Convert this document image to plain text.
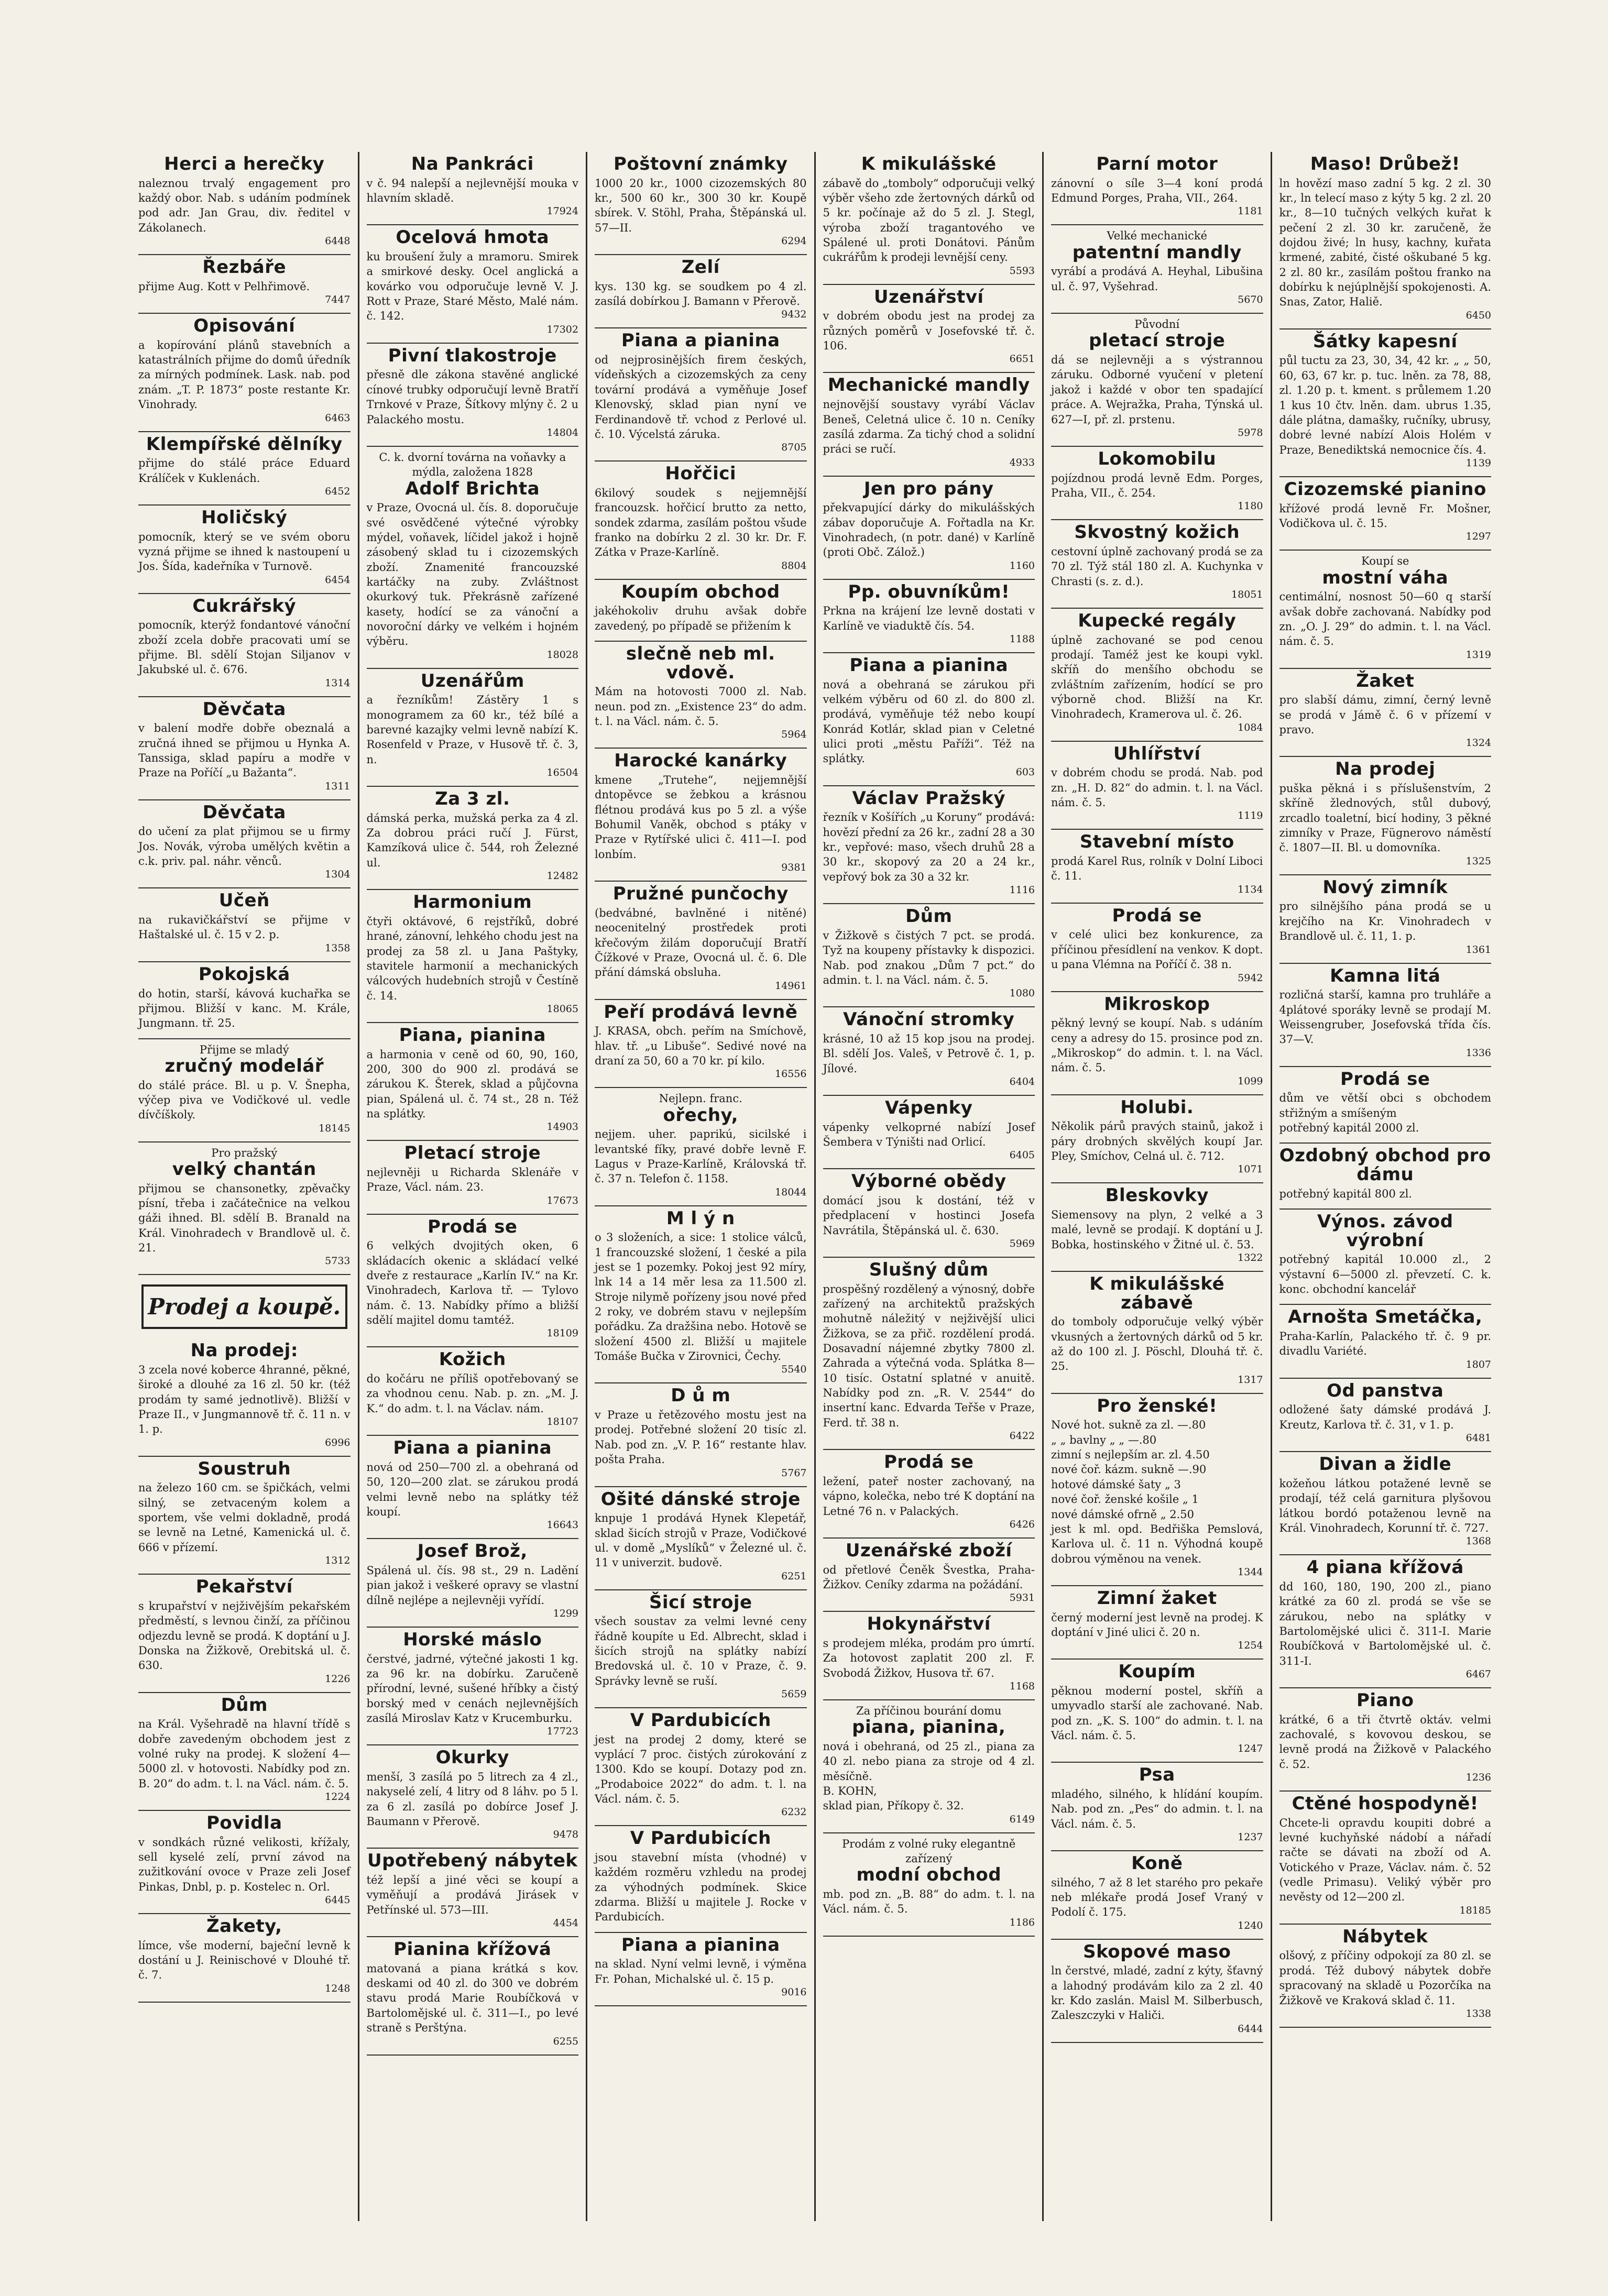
Herci a herečky

naleznou trvalý engagement pro každý obor. Nab. s udáním podmínek pod adr. Jan Grau, div. ředitel v Zákolanech.

6448
Řezbáře

přijme Aug. Kott v Pelhřimově.

7447
Opisování

a kopírování plánů stavebních a katastrálních přijme do domů úředník za mírných podmínek. Lask. nab. pod znám. „T. P. 1873“ poste restante Kr. Vinohrady.

6463
Klempířské dělníky

přijme do stálé práce Eduard Králíček v Kuklenách.

6452
Holičský

pomocník, který se ve svém oboru vyzná přijme se ihned k nastoupení u Jos. Šída, kadeřníka v Turnově.

6454
Cukrářský

pomocník, kterýž fondantové vánoční zboží zcela dobře pracovati umí se přijme. Bl. sdělí Stojan Siljanov v Jakubské ul. č. 676.

1314
Děvčata

v balení modře dobře obeznalá a zručná ihned se přijmou u Hynka A. Tanssiga, sklad papíru a modře v Praze na Poříčí „u Bažanta“.

1311
Děvčata

do učení za plat přijmou se u firmy Jos. Novák, výroba umělých květin a c.k. priv. pal. náhr. věnců.

1304
Učeň

na rukavičkářství se přijme v Haštalské ul. č. 15 v 2. p.

1358
Pokojská

do hotin, starší, kávová kuchařka se přijmou. Bližší v kanc. M. Krále, Jungmann. tř. 25.

Přijme se mladý

zručný modelář

do stálé práce. Bl. u p. V. Šnepha, výčep piva ve Vodičkové ul. vedle dívčíškoly.

18145

Pro pražský

velký chantán

přijmou se chansonetky, zpěvačky písní, třeba i začátečnice na velkou gáži ihned. Bl. sdělí B. Branald na Král. Vinohradech v Brandlově ul. č. 21.

5733
Prodej a koupě.
Na prodej:

3 zcela nové koberce 4hranné, pěkné, široké a dlouhé za 16 zl. 50 kr. (též prodám ty samé jednotlivě). Bližší v Praze II., v Jungmannově tř. č. 11 n. v 1. p.

6996
Soustruh

na železo 160 cm. se špičkách, velmi silný, se zetvaceným kolem a sportem, vše velmi dokladně, prodá se levně na Letné, Kamenická ul. č. 666 v přízemí.

1312
Pekařství

s krupařství v nejživějším pekařském předměstí, s levnou činží, za příčinou odjezdu levně se prodá. K doptání u J. Donska na Žižkově, Orebitská ul. č. 630.

1226
Dům

na Král. Vyšehradě na hlavní třídě s dobře zavedeným obchodem jest z volné ruky na prodej. K složení 4—5000 zl. v hotovosti. Nabídky pod zn. B. 20“ do adm. t. l. na Václ. nám. č. 5.

1224
Povidla

v sondkách různé velikosti, křížaly, sell kyselé zelí, první závod na zužitkování ovoce v Praze zeli Josef Pinkas, Dnbl, p. p. Kostelec n. Orl.

6445
Žakety,

límce, vše moderní, baječní levně k dostání u J. Reinischové v Dlouhé tř. č. 7.

1248
Na Pankráci

v č. 94 nalepší a nejlevnější mouka v hlavním skladě.

17924
Ocelová hmota

ku broušení žuly a mramoru. Smirek a smirkové desky. Ocel anglická a kovárko vou odporučuje levně V. J. Rott v Praze, Staré Město, Malé nám. č. 142.

17302
Pivní tlakostroje

přesně dle zákona stavěné anglické cínové trubky odporučují levně Bratří Trnkové v Praze, Šítkovy mlýny č. 2 u Palackého mostu.

14804

C. k. dvorní továrna na voňavky a mýdla, založena 1828

Adolf Brichta

v Praze, Ovocná ul. čís. 8. doporučuje své osvědčené výtečné výrobky mýdel, voňavek, líčidel jakož i hojně zásobený sklad tu i cizozemských zboží. Znamenité francouzské kartáčky na zuby. Zvláštnost okurkový tuk. Překrásně zařízené kasety, hodící se za vánoční a novoroční dárky ve velkém i hojném výběru.

18028
Uzenářům

a řezníkům! Zástěry 1 s monogramem za 60 kr., též bílé a barevné kazajky velmi levně nabízí K. Rosenfeld v Praze, v Husově tř. č. 3, n.

16504
Za 3 zl.

dámská perka, mužská perka za 4 zl. Za dobrou práci ručí J. Fürst, Kamzíková ulice č. 544, roh Železné ul.

12482
Harmonium

čtyři oktávové, 6 rejstříků, dobré hrané, zánovní, lehkého chodu jest na prodej za 58 zl. u Jana Paštyky, stavitele harmonií a mechanických válcových hudebních strojů v Čestíně č. 14.

18065
Piana, pianina

a harmonia v ceně od 60, 90, 160, 200, 300 do 900 zl. prodává se zárukou K. Šterek, sklad a půjčovna pian, Spálená ul. č. 74 st., 28 n. Též na splátky.

14903
Pletací stroje

nejlevněji u Richarda Sklenáře v Praze, Václ. nám. 23.

17673
Prodá se

6 velkých dvojitých oken, 6 skládacích okenic a skládací velké dveře z restaurace „Karlín IV.“ na Kr. Vinohradech, Karlova tř. — Tylovo nám. č. 13. Nabídky přímo a bližší sdělí majitel domu tamtéž.

18109
Kožich

do kočáru ne příliš opotřebovaný se za vhodnou cenu. Nab. p. zn. „M. J. K.“ do adm. t. l. na Václav. nám.

18107
Piana a pianina

nová od 250—700 zl. a obehraná od 50, 120—200 zlat. se zárukou prodá velmi levně nebo na splátky též koupí.

16643
Josef Brož,

Spálená ul. čís. 98 st., 29 n. Ladění pian jakož i veškeré opravy se vlastní dílně nejlépe a nejlevněji vyřídí.

1299
Horské máslo

čerstvé, jadrné, výtečné jakosti 1 kg. za 96 kr. na dobírku. Zaručeně přírodní, levné, sušené hříbky a čistý borský med v cenách nejlevnějších zasílá Miroslav Katz v Krucemburku.

17723
Okurky

menší, 3 zasílá po 5 litrech za 4 zl., nakyselé zelí, 4 litry od 8 láhv. po 5 l. za 6 zl. zasílá po dobírce Josef J. Baumann v Přerově.

9478
Upotřebený nábytek

též lepší a jiné věci se koupí a vyměňují a prodává Jirásek v Petřínské ul. 573—III.

4454
Pianina křížová

matovaná a piana krátká s kov. deskami od 40 zl. do 300 ve dobrém stavu prodá Marie Roubíčková v Bartolomějské ul. č. 311—I., po levé straně s Perštýna.

6255
Poštovní známky

1000 20 kr., 1000 cizozemských 80 kr., 500 60 kr., 300 30 kr. Koupě sbírek. V. Stöhl, Praha, Štěpánská ul. 57—II.

6294
Zelí

kys. 130 kg. se soudkem po 4 zl. zasílá dobírkou J. Bamann v Přerově.

9432
Piana a pianina

od nejprosinějších firem českých, vídeňských a cizozemských za ceny tovární prodává a vyměňuje Josef Klenovský, sklad pian nyní ve Ferdinandově tř. vchod z Perlové ul. č. 10. Výcelstá záruka.

8705
Hořčici

6kilový soudek s nejjemnější francouzsk. hořčicí brutto za netto, sondek zdarma, zasílám poštou všude franko na dobírku 2 zl. 30 kr. Dr. F. Zátka v Praze-Karlíně.

8804
Koupím obchod

jakéhokoliv druhu avšak dobře zavedený, po případě se přižením k

slečně neb ml. vdově.

Mám na hotovosti 7000 zl. Nab. neun. pod zn. „Existence 23“ do adm. t. l. na Václ. nám. č. 5.

5964
Harocké kanárky

kmene „Trutehe“, nejjemnější dntopěvce se žebkou a krásnou flétnou prodává kus po 5 zl. a výše Bohumil Vaněk, obchod s ptáky v Praze v Rytířské ulici č. 411—I. pod lonbím.

9381
Pružné punčochy

(bedvábné, bavlněné i nitěné) neocenitelný prostředek proti křečovým žilám doporučují Bratří Čížkové v Praze, Ovocná ul. č. 6. Dle přání dámská obsluha.

14961
Peří prodává levně

J. KRASA, obch. peřím na Smíchově, hlav. tř. „u Libuše“. Sedivé nové na draní za 50, 60 a 70 kr. pí kilo.

16556

Nejlepn. franc.

ořechy,

nejjem. uher. paprikú, sicilské i levantské fíky, pravé dobře levně F. Lagus v Praze-Karlíně, Královská tř. č. 37 n. Telefon č. 1158.

18044
M l ý n

o 3 složeních, a sice: 1 stolice válců, 1 francouzské složení, 1 české a pila jest se 1 pozemky. Pokoj jest 92 míry, lnk 14 a 14 měr lesa za 11.500 zl. Stroje nilymě pořízeny jsou nové před 2 roky, ve dobrém stavu v nejlepším pořádku. Za dražšina nebo. Hotově se složení 4500 zl. Bližší u majitele Tomáše Bučka v Zirovnici, Čechy.

5540
D ů m

v Praze u řetězového mostu jest na prodej. Potřebné složení 20 tisíc zl. Nab. pod zn. „V. P. 16“ restante hlav. pošta Praha.

5767
Ošité dánské stroje

knpuje 1 prodává Hynek Klepetář, sklad šicích strojů v Praze, Vodičkové ul. v domě „Myslíků“ v Železné ul. č. 11 v univerzit. budově.

6251
Šicí stroje

všech soustav za velmi levné ceny řádně koupíte u Ed. Albrecht, sklad i šicích strojů na splátky nabízí Bredovská ul. č. 10 v Praze, č. 9. Správky levně se ruší.

5659
V Pardubicích

jest na prodej 2 domy, které se vyplácí 7 proc. čistých zúrokování z 1300. Kdo se koupí. Dotazy pod zn. „Prodaboice 2022“ do adm. t. l. na Václ. nám. č. 5.

6232
V Pardubicích

jsou stavební místa (vhodné) v každém rozměru vzhledu na prodej za výhodných podmínek. Skice zdarma. Bližší u majitele J. Rocke v Pardubicích.

Piana a pianina

na sklad. Nyní velmi levně, i výměna Fr. Pohan, Michalské ul. č. 15 p.

9016
K mikulášské

zábavě do „tomboly“ odporučuji velký výběr všeho zde žertovných dárků od 5 kr. počínaje až do 5 zl. J. Stegl, výroba zboží tragantového ve Spálené ul. proti Donátovi. Pánům cukrářům k prodeji levnější ceny.

5593
Uzenářství

v dobrém obodu jest na prodej za různých poměrů v Josefovské tř. č. 106.

6651
Mechanické mandly

nejnovější soustavy vyrábí Václav Beneš, Celetná ulice č. 10 n. Ceníky zasílá zdarma. Za tichý chod a solidní práci se ručí.

4933
Jen pro pány

překvapující dárky do mikulášských zábav doporučuje A. Fořtadla na Kr. Vinohradech, (n potr. dané) v Karlíně (proti Obč. Zálož.)

1160
Pp. obuvníkům!

Prkna na krájení lze levně dostati v Karlíně ve viaduktě čís. 54.

1188
Piana a pianina

nová a obehraná se zárukou při velkém výběru od 60 zl. do 800 zl. prodává, vyměňuje též nebo koupí Konrád Kotlár, sklad pian v Celetné ulici proti „městu Paříži“. Též na splátky.

603
Václav Pražský

řezník v Košířích „u Koruny“ prodává: hovězí přední za 26 kr., zadní 28 a 30 kr., vepřové: maso, všech druhů 28 a 30 kr., skopový za 20 a 24 kr., vepřový bok za 30 a 32 kr.

1116
Dům

v Žižkově s čistých 7 pct. se prodá. Tyž na koupeny přístavky k dispozici. Nab. pod znakou „Dům 7 pct.“ do admin. t. l. na Václ. nám. č. 5.

1080
Vánoční stromky

krásné, 10 až 15 kop jsou na prodej. Bl. sdělí Jos. Valeš, v Petrově č. 1, p. Jílové.

6404
Vápenky

vápenky velkoprné nabízí Josef Šembera v Týništi nad Orlicí.

6405
Výborné obědy

domácí jsou k dostání, též v předplacení v hostinci Josefa Navrátila, Štěpánská ul. č. 630.

5969
Slušný dům

prospěšný rozdělený a výnosný, dobře zařízený na architektů pražských mohutně náležitý v nejživější ulici Žižkova, se za přič. rozdělení prodá. Dosavadní nájemné zbytky 7800 zl. Zahrada a výtečná voda. Splátka 8—10 tisíc. Ostatní splatné v anuitě. Nabídky pod zn. „R. V. 2544“ do insertní kanc. Edvarda Teřše v Praze, Ferd. tř. 38 n.

6422
Prodá se

ležení, pateř noster zachovaný, na vápno, kolečka, nebo tré K doptání na Letné 76 n. v Palackých.

6426
Uzenářské zboží

od přetlové Čeněk Švestka, Praha-Žižkov. Ceníky zdarma na požádání.

5931
Hokynářství

s prodejem mléka, prodám pro úmrtí. Za hotovost zaplatit 200 zl. F. Svobodá Žižkov, Husova tř. 67.

1168

Za příčinou bourání domu

piana, pianina,

nová i obehraná, od 25 zl., piana za 40 zl. nebo piana za stroje od 4 zl. měsíčně.
B. KOHN,
sklad pian, Příkopy č. 32.

6149

Prodám z volné ruky elegantně zařízený

modní obchod

mb. pod zn. „B. 88“ do adm. t. l. na Václ. nám. č. 5.

1186
Parní motor

zánovní o síle 3—4 koní prodá Edmund Porges, Praha, VII., 264.

1181

Velké mechanické

patentní mandly

vyrábí a prodává A. Heyhal, Libušina ul. č. 97, Vyšehrad.

5670

Původní

pletací stroje

dá se nejlevněji a s výstrannou záruku. Odborné vyučení v pletení jakož i každé v obor ten spadající práce. A. Wejražka, Praha, Týnská ul. 627—I, př. zl. prstenu.

5978
Lokomobilu

pojízdnou prodá levně Edm. Porges, Praha, VII., č. 254.

1180
Skvostný kožich

cestovní úplně zachovaný prodá se za 70 zl. Týž stál 180 zl. A. Kuchynka v Chrasti (s. z. d.).

18051
Kupecké regály

úplně zachované se pod cenou prodají. Taméž jest ke koupi vykl. skříň do menšího obchodu se zvláštním zařízením, hodící se pro výborně chod. Bližší na Kr. Vinohradech, Kramerova ul. č. 26.

1084
Uhlířství

v dobrém chodu se prodá. Nab. pod zn. „H. D. 82“ do admin. t. l. na Václ. nám. č. 5.

1119
Stavební místo

prodá Karel Rus, rolník v Dolní Liboci č. 11.

1134
Prodá se

v celé ulici bez konkurence, za příčinou přesídlení na venkov. K dopt. u pana Vlémna na Poříčí č. 38 n.

5942
Mikroskop

pěkný levný se koupí. Nab. s udáním ceny a adresy do 15. prosince pod zn. „Mikroskop“ do admin. t. l. na Václ. nám. č. 5.

1099
Holubi.

Několik párů pravých stainů, jakož i páry drobných skvělých koupí Jar. Pley, Smíchov, Celná ul. č. 712.

1071
Bleskovky

Siemensovy na plyn, 2 velké a 3 malé, levně se prodají. K doptání u J. Bobka, hostinského v Žitné ul. č. 53.

1322
K mikulášské zábavě

do tomboly odporučuje velký výběr vkusných a žertovných dárků od 5 kr. až do 100 zl. J. Pöschl, Dlouhá tř. č. 25.

1317
Pro ženské!

Nové hot. sukně za zl. —.80
„ „ bavlny „ „ —.80
zimní s nejlepším ar. zl. 4.50
nové čoř. kázm. sukně —.90
hotové dámské šaty „ 3
nové čoř. ženské košile „ 1
nové dámské ofrně „ 2.50
jest k ml. opd. Bedřiška Pemslová, Karlova ul. č. 11 n. Výhodná koupě dobrou výměnou na venek.

1344
Zimní žaket

černý moderní jest levně na prodej. K doptání v Jiné ulici č. 20 n.

1254
Koupím

pěknou moderní postel, skříň a umyvadlo starší ale zachované. Nab. pod zn. „K. S. 100“ do admin. t. l. na Václ. nám. č. 5.

1247
Psa

mladého, silného, k hlídání koupím. Nab. pod zn. „Pes“ do admin. t. l. na Václ. nám. č. 5.

1237
Koně

silného, 7 až 8 let starého pro pekaře neb mlékaře prodá Josef Vraný v Podolí č. 175.

1240
Skopové maso

ln čerstvé, mladé, zadní z kýty, šťavný a lahodný prodávám kilo za 2 zl. 40 kr. Kdo zaslán. Maisl M. Silberbusch, Zaleszczyki v Haliči.

6444
Maso! Drůbež!

ln hovězí maso zadní 5 kg. 2 zl. 30 kr., ln telecí maso z kýty 5 kg. 2 zl. 20 kr., 8—10 tučných velkých kuřat k pečení 2 zl. 30 kr. zaručeně, že dojdou živé; ln husy, kachny, kuřata krmené, zabité, čisté oškubané 5 kg. 2 zl. 80 kr., zasílám poštou franko na dobírku k nejúplnější spokojenosti. A. Snas, Zator, Haliě.

6450
Šátky kapesní

půl tuctu za 23, 30, 34, 42 kr. „ „ 50, 60, 63, 67 kr. p. tuc. lněn. za 78, 88, zl. 1.20 p. t. kment. s průlemem 1.20 1 kus 10 čtv. lněn. dam. ubrus 1.35, dále plátna, damašky, ručníky, ubrusy, dobré levné nabízí Alois Holém v Praze, Benediktská nemocnice čís. 4.

1139
Cizozemské pianino

křížové prodá levně Fr. Mošner, Vodičkova ul. č. 15.

1297

Koupí se

mostní váha

centimální, nosnost 50—60 q starší avšak dobře zachovaná. Nabídky pod zn. „O. J. 29“ do admin. t. l. na Václ. nám. č. 5.

1319
Žaket

pro slabší dámu, zimní, černý levně se prodá v Jámě č. 6 v přízemí v pravo.

1324
Na prodej

puška pěkná i s příslušenstvím, 2 skříně žlednových, stůl dubový, zrcadlo toaletní, bicí hodiny, 3 pěkné zimníky v Praze, Fügnerovo náměstí č. 1807—II. Bl. u domovníka.

1325
Nový zimník

pro silnějšího pána prodá se u krejčího na Kr. Vinohradech v Brandlově ul. č. 11, 1. p.

1361
Kamna litá

rozličná starší, kamna pro truhláře a 4plátové sporáky levně se prodají M. Weissengruber, Josefovská třída čís. 37—V.

1336
Prodá se

dům ve větší obci s obchodem střižným a smíšeným
potřebný kapitál 2000 zl.

Ozdobný obchod pro dámu

potřebný kapitál 800 zl.

Výnos. závod výrobní

potřebný kapitál 10.000 zl., 2 výstavní 6—5000 zl. převzetí. C. k. konc. obchodní kancelář

Arnošta Smetáčka,

Praha-Karlín, Palackého tř. č. 9 pr. divadlu Variété.

1807
Od panstva

odložené šaty dámské prodává J. Kreutz, Karlova tř. č. 31, v 1. p.

6481
Divan a židle

kožeňou látkou potažené levně se prodají, též celá garnitura plyšovou látkou bordó potaženou levně na Král. Vinohradech, Korunní tř. č. 727.

1368
4 piana křížová

dd 160, 180, 190, 200 zl., piano krátké za 60 zl. prodá se vše se zárukou, nebo na splátky v Bartolomějské ulici č. 311-I. Marie Roubíčková v Bartolomějské ul. č. 311-I.

6467
Piano

krátké, 6 a tři čtvrtě oktáv. velmi zachovalé, s kovovou deskou, se levně prodá na Žižkově v Palackého č. 52.

1236
Ctěné hospodyně!

Chcete-li opravdu koupiti dobré a levné kuchyňské nádobí a nářadí račte se dávati na zboží od A. Votického v Praze, Václav. nám. č. 52 (vedle Primasu). Veliký výběr pro nevěsty od 12—200 zl.

18185
Nábytek

olšový, z příčiny odpokojí za 80 zl. se prodá. Též dubový nábytek dobře spracovaný na skladě u Pozorčíka na Žižkově ve Kraková sklad č. 11.

1338
